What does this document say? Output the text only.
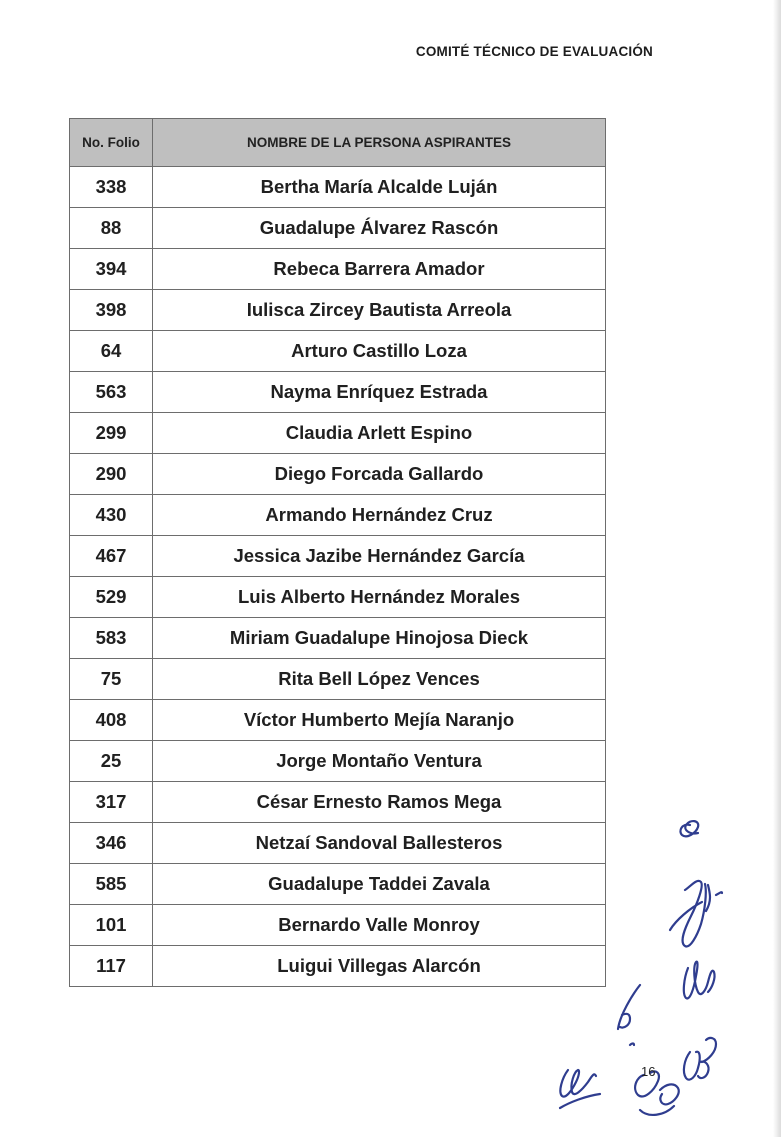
COMITÉ TÉCNICO DE EVALUACIÓN
No. Folio	NOMBRE DE LA PERSONA ASPIRANTES
338	Bertha María Alcalde Luján
88	Guadalupe Álvarez Rascón
394	Rebeca Barrera Amador
398	Iulisca Zircey Bautista Arreola
64	Arturo Castillo Loza
563	Nayma Enríquez Estrada
299	Claudia Arlett Espino
290	Diego Forcada Gallardo
430	Armando Hernández Cruz
467	Jessica Jazibe Hernández García
529	Luis Alberto Hernández Morales
583	Miriam Guadalupe Hinojosa Dieck
75	Rita Bell López Vences
408	Víctor Humberto Mejía Naranjo
25	Jorge Montaño Ventura
317	César Ernesto Ramos Mega
346	Netzaí Sandoval Ballesteros
585	Guadalupe Taddei Zavala
101	Bernardo Valle Monroy
117	Luigui Villegas Alarcón
16
